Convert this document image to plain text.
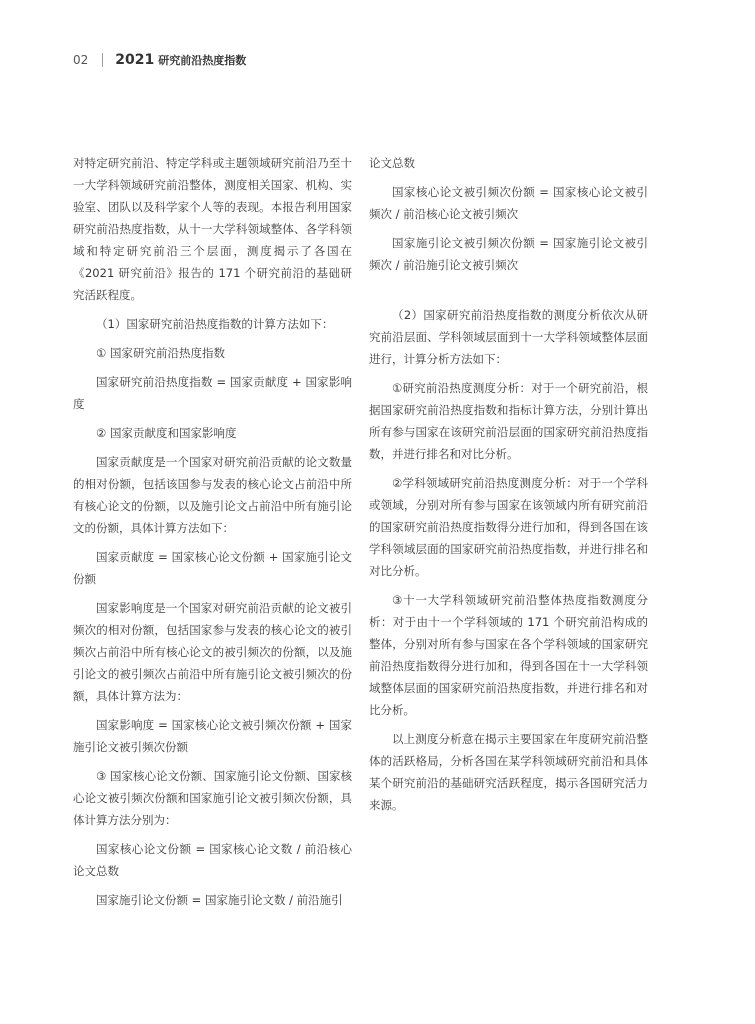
02 2021 研究前沿热度指数

对特定研究前沿、特定学科或主题领域研究前沿乃至十一大学科领域研究前沿整体，测度相关国家、机构、实验室、团队以及科学家个人等的表现。本报告利用国家研究前沿热度指数，从十一大学科领域整体、各学科领域和特定研究前沿三个层面，测度揭示了各国在《2021 研究前沿》报告的 171 个研究前沿的基础研究活跃程度。

（1）国家研究前沿热度指数的计算方法如下：

① 国家研究前沿热度指数

国家研究前沿热度指数 = 国家贡献度 + 国家影响度

② 国家贡献度和国家影响度

国家贡献度是一个国家对研究前沿贡献的论文数量的相对份额，包括该国参与发表的核心论文占前沿中所有核心论文的份额，以及施引论文占前沿中所有施引论文的份额，具体计算方法如下：

国家贡献度 = 国家核心论文份额 + 国家施引论文份额

国家影响度是一个国家对研究前沿贡献的论文被引频次的相对份额，包括国家参与发表的核心论文的被引频次占前沿中所有核心论文的被引频次的份额，以及施引论文的被引频次占前沿中所有施引论文被引频次的份额，具体计算方法为：

国家影响度 = 国家核心论文被引频次份额 + 国家施引论文被引频次份额

③ 国家核心论文份额、国家施引论文份额、国家核心论文被引频次份额和国家施引论文被引频次份额，具体计算方法分别为：

国家核心论文份额 = 国家核心论文数 / 前沿核心论文总数

国家施引论文份额 = 国家施引论文数 / 前沿施引

论文总数

国家核心论文被引频次份额 = 国家核心论文被引频次 / 前沿核心论文被引频次

国家施引论文被引频次份额 = 国家施引论文被引频次 / 前沿施引论文被引频次

（2）国家研究前沿热度指数的测度分析依次从研究前沿层面、学科领域层面到十一大学科领域整体层面进行，计算分析方法如下：

①研究前沿热度测度分析：对于一个研究前沿，根据国家研究前沿热度指数和指标计算方法，分别计算出所有参与国家在该研究前沿层面的国家研究前沿热度指数，并进行排名和对比分析。

②学科领域研究前沿热度测度分析：对于一个学科或领域，分别对所有参与国家在该领域内所有研究前沿的国家研究前沿热度指数得分进行加和，得到各国在该学科领域层面的国家研究前沿热度指数，并进行排名和对比分析。

③十一大学科领域研究前沿整体热度指数测度分析：对于由十一个学科领域的 171 个研究前沿构成的整体，分别对所有参与国家在各个学科领域的国家研究前沿热度指数得分进行加和，得到各国在十一大学科领域整体层面的国家研究前沿热度指数，并进行排名和对比分析。

以上测度分析意在揭示主要国家在年度研究前沿整体的活跃格局，分析各国在某学科领域研究前沿和具体某个研究前沿的基础研究活跃程度，揭示各国研究活力来源。
